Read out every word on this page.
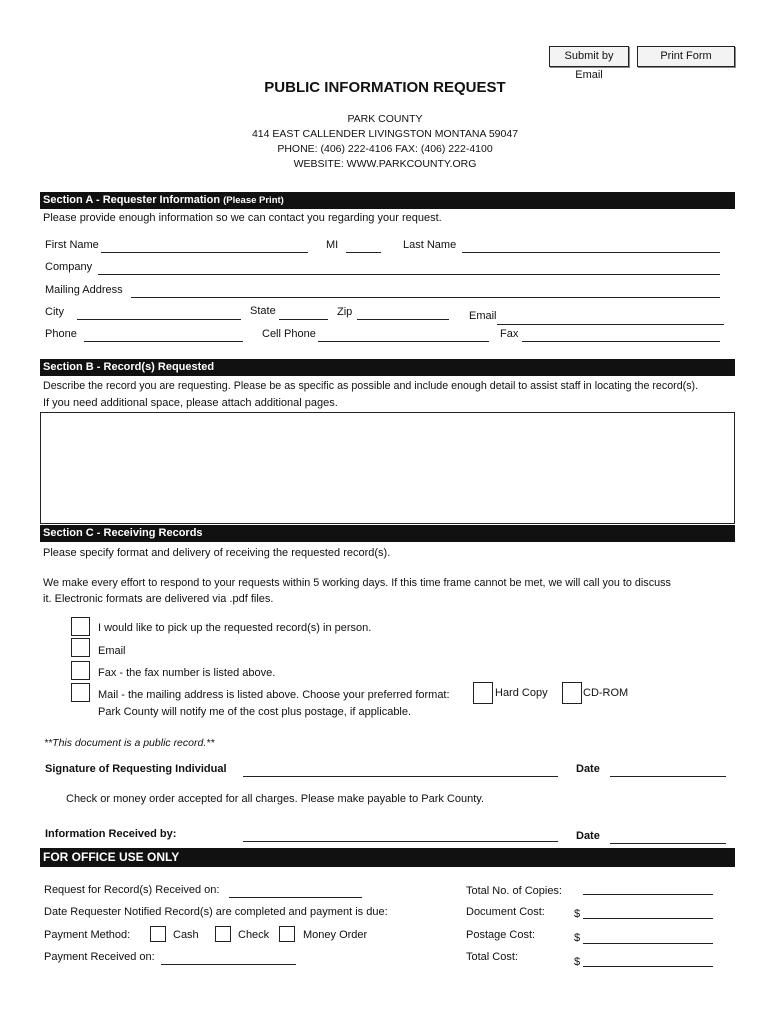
Submit by Email
Print Form
PUBLIC INFORMATION REQUEST
PARK COUNTY
414 EAST CALLENDER LIVINGSTON MONTANA 59047
PHONE: (406) 222-4106 FAX: (406) 222-4100
WEBSITE: WWW.PARKCOUNTY.ORG
Section A - Requester Information (Please Print)
Please provide enough information so we can contact you regarding your request.
First Name	MI	Last Name
Company
Mailing Address
City	State	Zip	Email
Phone	Cell Phone	Fax
Section B - Record(s) Requested
Describe the record you are requesting. Please be as specific as possible and include enough detail to assist staff in locating the record(s).
If you need additional space, please attach additional pages.
Section C - Receiving Records
Please specify format and delivery of receiving the requested record(s).
We make every effort to respond to your requests within 5 working days. If this time frame cannot be met, we will call you to discuss
it. Electronic formats are delivered via .pdf files.
I would like to pick up the requested record(s) in person.
Email
Fax - the fax number is listed above.
Mail - the mailing address is listed above. Choose your preferred format:	Hard Copy	CD-ROM
Park County will notify me of the cost plus postage, if applicable.
**This document is a public record.**
Signature of Requesting Individual	Date
Check or money order accepted for all charges. Please make payable to Park County.
Information Received by:	Date
FOR OFFICE USE ONLY
Request for Record(s) Received on:
Date Requester Notified Record(s) are completed and payment is due:
Payment Method:	Cash	Check	Money Order
Payment Received on:
Total No. of Copies:
Document Cost:	$
Postage Cost:	$
Total Cost:	$
